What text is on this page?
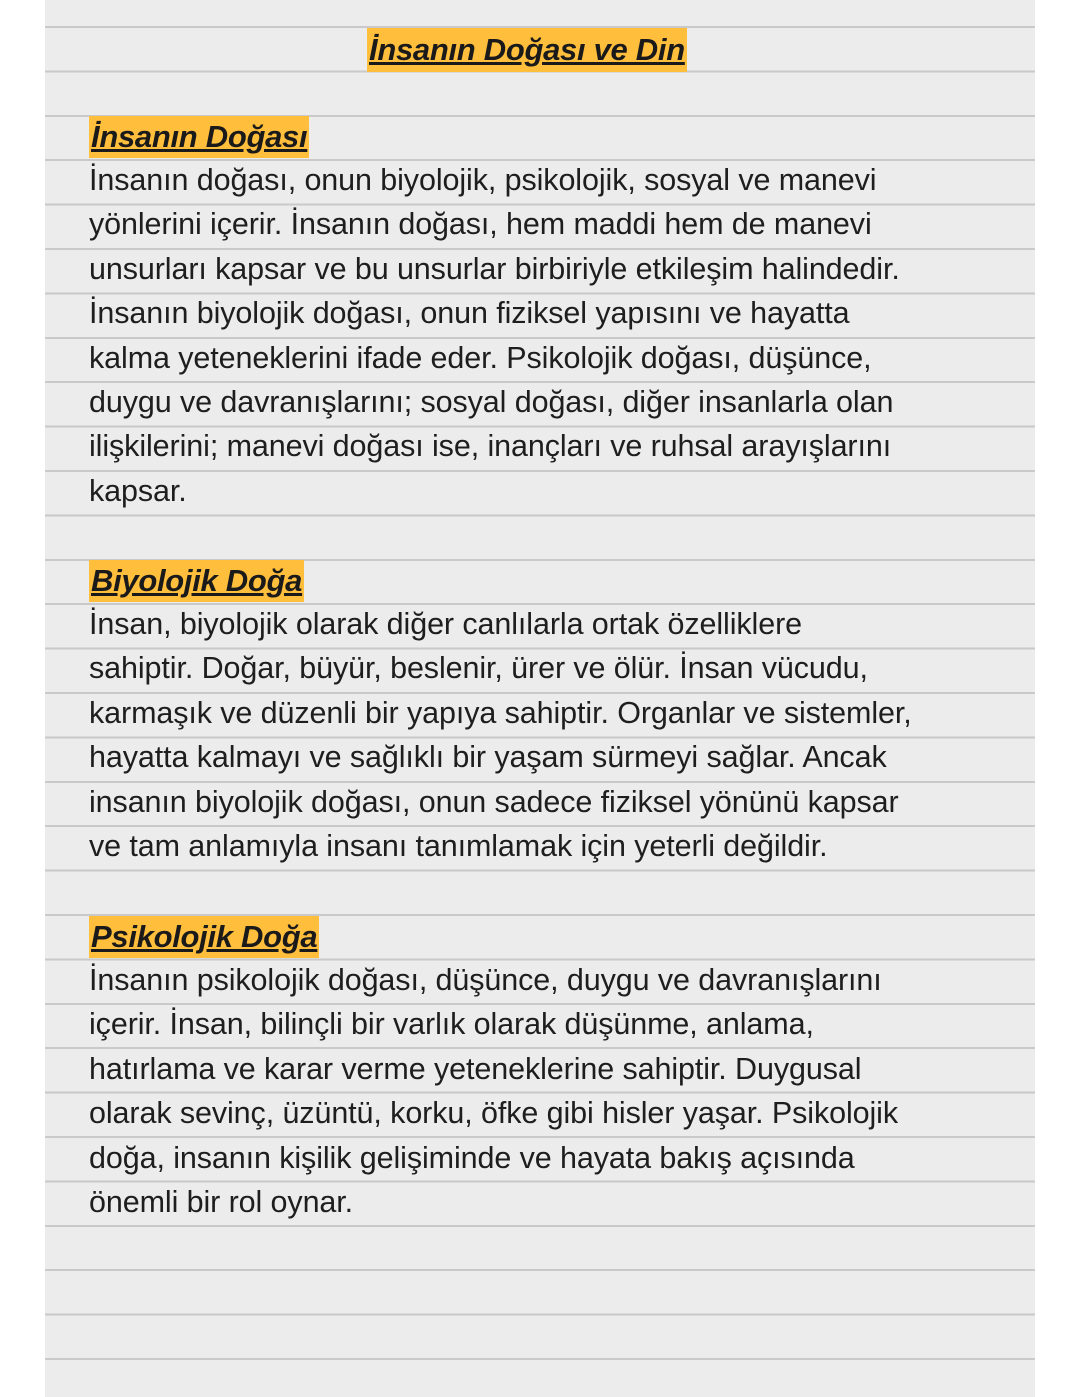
İnsanın Doğası ve Din
İnsanın Doğası

İnsanın doğası, onun biyolojik, psikolojik, sosyal ve manevi
yönlerini içerir. İnsanın doğası, hem maddi hem de manevi
unsurları kapsar ve bu unsurlar birbiriyle etkileşim halindedir.
İnsanın biyolojik doğası, onun fiziksel yapısını ve hayatta
kalma yeteneklerini ifade eder. Psikolojik doğası, düşünce,
duygu ve davranışlarını; sosyal doğası, diğer insanlarla olan
ilişkilerini; manevi doğası ise, inançları ve ruhsal arayışlarını
kapsar.

Biyolojik Doğa

İnsan, biyolojik olarak diğer canlılarla ortak özelliklere
sahiptir. Doğar, büyür, beslenir, ürer ve ölür. İnsan vücudu,
karmaşık ve düzenli bir yapıya sahiptir. Organlar ve sistemler,
hayatta kalmayı ve sağlıklı bir yaşam sürmeyi sağlar. Ancak
insanın biyolojik doğası, onun sadece fiziksel yönünü kapsar
ve tam anlamıyla insanı tanımlamak için yeterli değildir.

Psikolojik Doğa

İnsanın psikolojik doğası, düşünce, duygu ve davranışlarını
içerir. İnsan, bilinçli bir varlık olarak düşünme, anlama,
hatırlama ve karar verme yeteneklerine sahiptir. Duygusal
olarak sevinç, üzüntü, korku, öfke gibi hisler yaşar. Psikolojik
doğa, insanın kişilik gelişiminde ve hayata bakış açısında
önemli bir rol oynar.
